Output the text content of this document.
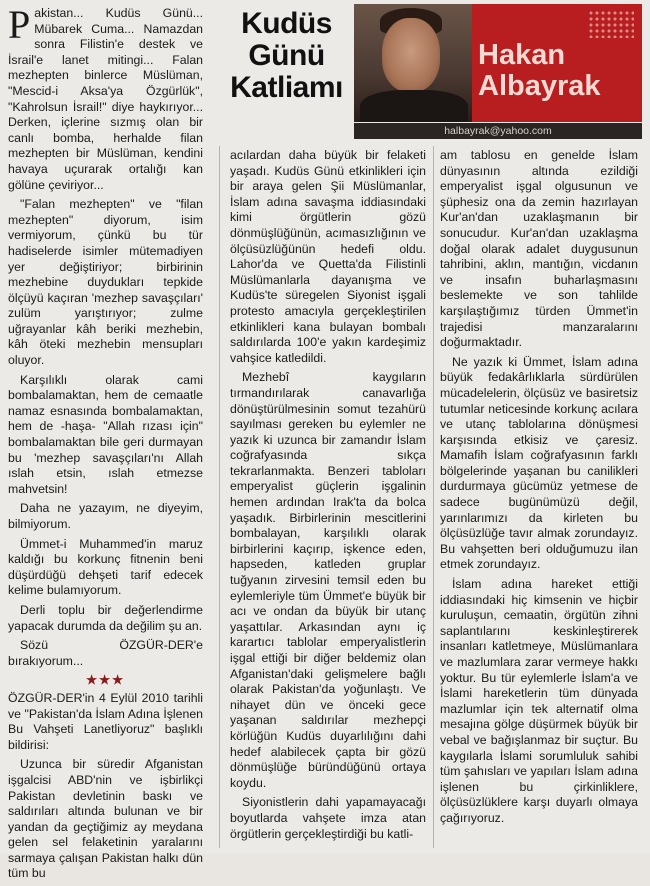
Pakistan... Kudüs Günü... Mübarek Cuma... Namazdan sonra Filistin'e destek ve İsrail'e lanet mitingi... Falan mezhepten binlerce Müslüman, "Mescid-i Aksa'ya Özgürlük", "Kahrolsun İsrail!" diye haykırıyor... Derken, içlerine sızmış olan bir canlı bomba, herhalde filan mezhepten bir Müslüman, kendini havaya uçurarak ortalığı kan gölüne çeviriyor...

"Falan mezhepten" ve "filan mezhepten" diyorum, isim vermiyorum, çünkü bu tür hadiselerde isimler mütemadiyen yer değiştiriyor; birbirinin mezhebine duydukları tepkide ölçüyü kaçıran 'mezhep savaşçıları' zulüm yarıştırıyor; zulme uğrayanlar kâh beriki mezhebin, kâh öteki mezhebin mensupları oluyor.

Karşılıklı olarak cami bombalamaktan, hem de cemaatle namaz esnasında bombalamaktan, hem de -haşa- "Allah rızası için" bombalamaktan bile geri durmayan bu 'mezhep savaşçıları'nı Allah ıslah etsin, ıslah etmezse mahvetsin!

Daha ne yazayım, ne diyeyim, bilmiyorum.

Ümmet-i Muhammed'in maruz kaldığı bu korkunç fitnenin beni düşürdüğü dehşeti tarif edecek kelime bulamıyorum.

Derli toplu bir değerlendirme yapacak durumda da değilim şu an.

Sözü ÖZGÜR-DER'e bırakıyorum...

★★★

ÖZGÜR-DER'in 4 Eylül 2010 tarihli ve "Pakistan'da İslam Adına İşlenen Bu Vahşeti Lanetliyoruz" başlıklı bildirisi:

Uzunca bir süredir Afganistan işgalcisi ABD'nin ve işbirlikçi Pakistan devletinin baskı ve saldırıları altında bulunan ve bir yandan da geçtiğimiz ay meydana gelen sel felaketinin yaralarını sarmaya çalışan Pakistan halkı dün tüm bu

Kudüs
Günü
Katliamı
Hakan
Albayrak
halbayrak@yahoo.com

acılardan daha büyük bir felaketi yaşadı. Kudüs Günü etkinlikleri için bir araya gelen Şii Müslümanlar, İslam adına savaşma iddiasındaki kimi örgütlerin gözü dönmüşlüğünün, acımasızlığının ve ölçüsüzlüğünün hedefi oldu. Lahor'da ve Quetta'da Filistinli Müslümanlarla dayanışma ve Kudüs'te süregelen Siyonist işgali protesto amacıyla gerçekleştirilen etkinlikleri kana bulayan bombalı saldırılarda 100'e yakın kardeşimiz vahşice katledildi.

Mezhebî kaygıların tırmandırılarak canavarlığa dönüştürülmesinin somut tezahürü sayılması gereken bu eylemler ne yazık ki uzunca bir zamandır İslam coğrafyasında sıkça tekrarlanmakta. Benzeri tabloları emperyalist güçlerin işgalinin hemen ardından Irak'ta da bolca yaşadık. Birbirlerinin mescitlerini bombalayan, karşılıklı olarak birbirlerini kaçırıp, işkence eden, hapseden, katleden gruplar tuğyanın zirvesini temsil eden bu eylemleriyle tüm Ümmet'e büyük bir acı ve ondan da büyük bir utanç yaşattılar. Arkasından aynı iç karartıcı tablolar emperyalistlerin işgal ettiği bir diğer beldemiz olan Afganistan'daki gelişmelere bağlı olarak Pakistan'da yoğunlaştı. Ve nihayet dün ve önceki gece yaşanan saldırılar mezhepçi körlüğün Kudüs duyarlılığını dahi hedef alabilecek çapta bir gözü dönmüşlüğe büründüğünü ortaya koydu.

Siyonistlerin dahi yapamayacağı boyutlarda vahşete imza atan örgütlerin gerçekleştirdiği bu katli-

am tablosu en genelde İslam dünyasının altında ezildiği emperyalist işgal olgusunun ve şüphesiz ona da zemin hazırlayan Kur'an'dan uzaklaşmanın bir sonucudur. Kur'an'dan uzaklaşma doğal olarak adalet duygusunun tahribini, aklın, mantığın, vicdanın ve insafın buharlaşmasını beslemekte ve son tahlilde karşılaştığımız türden Ümmet'in trajedisi manzaralarını doğurmaktadır.

Ne yazık ki Ümmet, İslam adına büyük fedakârlıklarla sürdürülen mücadelelerin, ölçüsüz ve basiretsiz tutumlar neticesinde korkunç acılara ve utanç tablolarına dönüşmesi karşısında etkisiz ve çaresiz. Mamafih İslam coğrafyasının farklı bölgelerinde yaşanan bu canilikleri durdurmaya gücümüz yetmese de sadece bugünümüzü değil, yarınlarımızı da kirleten bu ölçüsüzlüğe tavır almak zorundayız. Bu vahşetten beri olduğumuzu ilan etmek zorundayız.

İslam adına hareket ettiği iddiasındaki hiç kimsenin ve hiçbir kuruluşun, cemaatin, örgütün zihni saplantılarını keskinleştirerek insanları katletmeye, Müslümanlara ve mazlumlara zarar vermeye hakkı yoktur. Bu tür eylemlerle İslam'a ve İslami hareketlerin tüm dünyada mazlumlar için tek alternatif olma mesajına gölge düşürmek büyük bir vebal ve bağışlanmaz bir suçtur. Bu kaygılarla İslami sorumluluk sahibi tüm şahısları ve yapıları İslam adına işlenen bu çirkinliklere, ölçüsüzlüklere karşı duyarlı olmaya çağırıyoruz.
